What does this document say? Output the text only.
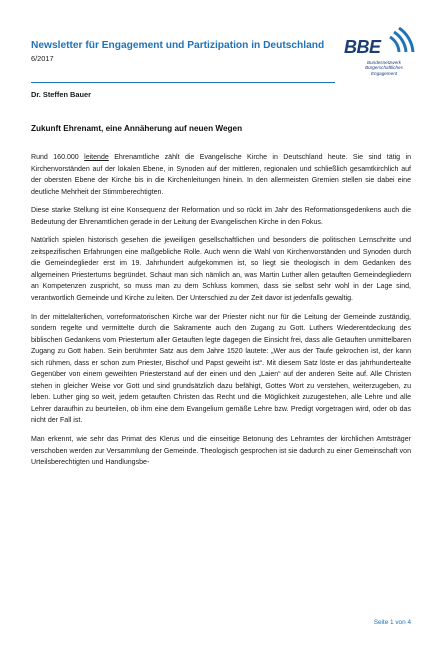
Newsletter für Engagement und Partizipation in Deutschland
6/2017
BBE
Bundesnetzwerk
Bürgerschaftliches
Engagement
Dr. Steffen Bauer
Zukunft Ehrenamt, eine Annäherung auf neuen Wegen

Rund 160.000 leitende Ehrenamtliche zählt die Evangelische Kirche in Deutschland heute. Sie sind tätig in Kirchenvorständen auf der lokalen Ebene, in Synoden auf der mittleren, regionalen und schließlich gesamtkirchlich auf der obersten Ebene der Kirche bis in die Kirchenleitungen hinein. In den allermeisten Gremien stellen sie dabei eine deutliche Mehrheit der Stimmberechtigten.

Diese starke Stellung ist eine Konsequenz der Reformation und so rückt im Jahr des Reformationsgedenkens auch die Bedeutung der Ehrenamtlichen gerade in der Leitung der Evangelischen Kirche in den Fokus.

Natürlich spielen historisch gesehen die jeweiligen gesellschaftlichen und besonders die politischen Lernschritte und zeitspezifischen Erfahrungen eine maßgebliche Rolle. Auch wenn die Wahl von Kirchenvorständen und Synoden durch die Gemeindeglieder erst im 19. Jahrhundert aufgekommen ist, so liegt sie theologisch in dem Gedanken des allgemeinen Priestertums begründet. Schaut man sich nämlich an, was Martin Luther allen getauften Gemeindegliedern an Kompetenzen zuspricht, so muss man zu dem Schluss kommen, dass sie selbst sehr wohl in der Lage sind, verantwortlich Gemeinde und Kirche zu leiten. Der Unterschied zu der Zeit davor ist jedenfalls gewaltig.

In der mittelalterlichen, vorreformatorischen Kirche war der Priester nicht nur für die Leitung der Gemeinde zuständig, sondern regelte und vermittelte durch die Sakramente auch den Zugang zu Gott. Luthers Wiederentdeckung des biblischen Gedankens vom Priestertum aller Getauften legte dagegen die Einsicht frei, dass alle Getauften unmittelbaren Zugang zu Gott haben. Sein berühmter Satz aus dem Jahre 1520 lautete: „Wer aus der Taufe gekrochen ist, der kann sich rühmen, dass er schon zum Priester, Bischof und Papst geweiht ist“. Mit diesem Satz löste er das jahrhundertealte Gegenüber von einem geweihten Priesterstand auf der einen und den „Laien“ auf der anderen Seite auf. Alle Christen stehen in gleicher Weise vor Gott und sind grundsätzlich dazu befähigt, Gottes Wort zu verstehen, weiterzugeben, zu leben. Luther ging so weit, jedem getauften Christen das Recht und die Möglichkeit zuzugestehen, alle Lehre und alle Lehrer daraufhin zu beurteilen, ob ihm eine dem Evangelium gemäße Lehre bzw. Predigt vorgetragen wird, oder ob das nicht der Fall ist.

Man erkennt, wie sehr das Primat des Klerus und die einseitige Betonung des Lehramtes der kirchlichen Amtsträger verschoben werden zur Versammlung der Gemeinde. Theologisch gesprochen ist sie dadurch zu einer Gemeinschaft von Urteilsberechtigten und Handlungsbe-

Seite 1 von 4
